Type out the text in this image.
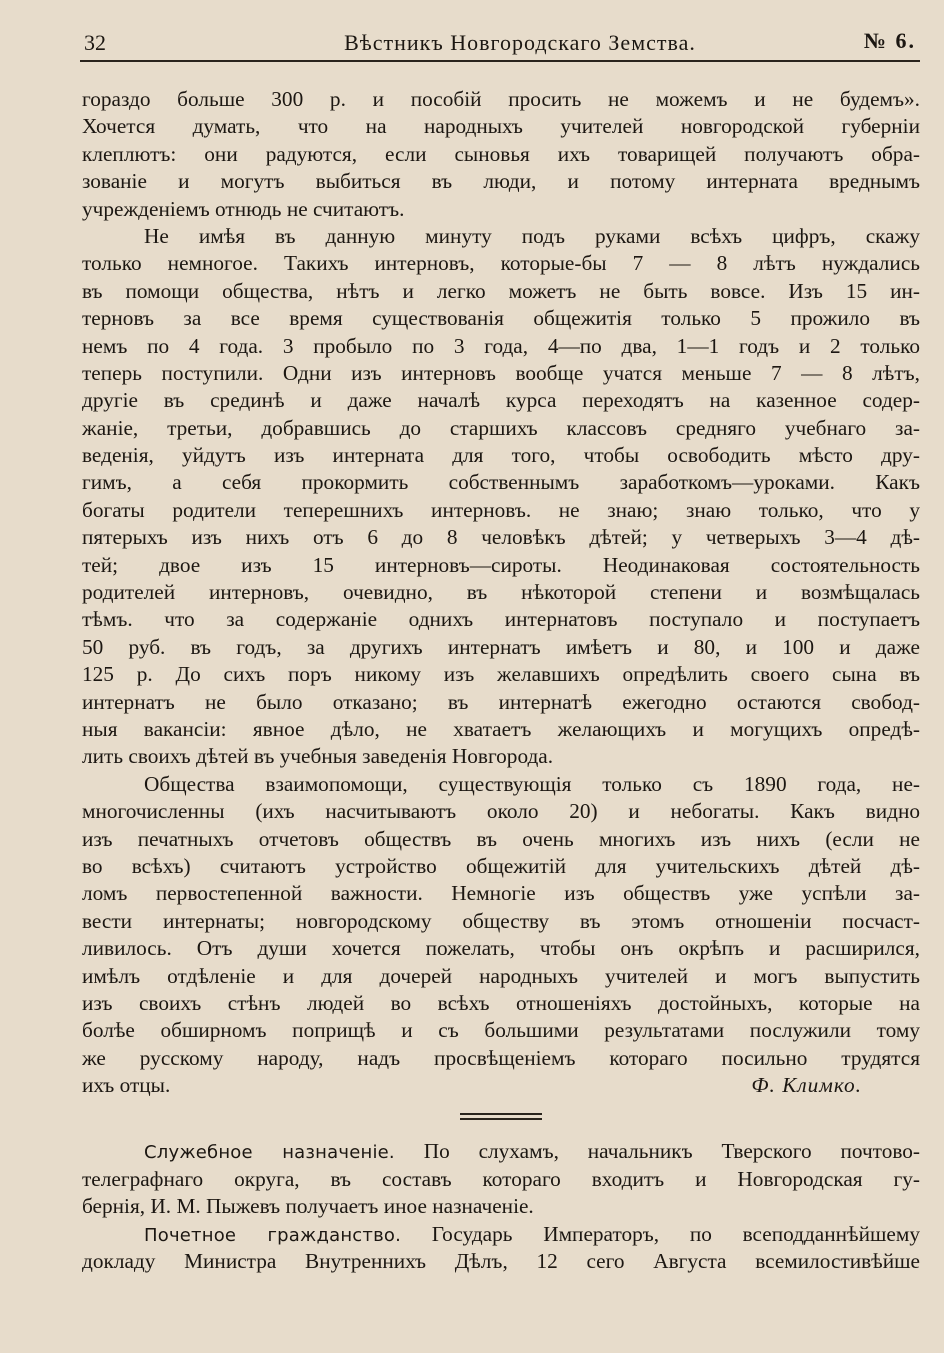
32	Вѣстникъ Новгородскаго Земства.	№ 6.
гораздо больше 300 р. и пособій просить не можемъ и не будемъ».
Хочется думать, что на народныхъ учителей новгородской губерніи
клеплютъ: они радуются, если сыновья ихъ товарищей получаютъ обра-
зованіе и могутъ выбиться въ люди, и потому интерната вреднымъ
учрежденіемъ отнюдь не считаютъ.
Не имѣя въ данную минуту подъ руками всѣхъ цифръ, скажу
только немногое. Такихъ интерновъ, которые-бы 7 — 8 лѣтъ нуждались
въ помощи общества, нѣтъ и легко можетъ не быть вовсе. Изъ 15 ин-
терновъ за все время существованія общежитія только 5 прожило въ
немъ по 4 года. 3 пробыло по 3 года, 4—по два, 1—1 годъ и 2 только
теперь поступили. Одни изъ интерновъ вообще учатся меньше 7 — 8 лѣтъ,
другіе въ срединѣ и даже началѣ курса переходятъ на казенное содер-
жаніе, третьи, добравшись до старшихъ классовъ средняго учебнаго за-
веденія, уйдутъ изъ интерната для того, чтобы освободить мѣсто дру-
гимъ, а себя прокормить собственнымъ заработкомъ—уроками. Какъ
богаты родители теперешнихъ интерновъ. не знаю; знаю только, что у
пятерыхъ изъ нихъ отъ 6 до 8 человѣкъ дѣтей; у четверыхъ 3—4 дѣ-
тей; двое изъ 15 интерновъ—сироты. Неодинаковая состоятельность
родителей интерновъ, очевидно, въ нѣкоторой степени и возмѣщалась
тѣмъ. что за содержаніе однихъ интернатовъ поступало и поступаетъ
50 руб. въ годъ, за другихъ интернатъ имѣетъ и 80, и 100 и даже
125 р. До сихъ поръ никому изъ желавшихъ опредѣлить своего сына въ
интернатъ не было отказано; въ интернатѣ ежегодно остаются свобод-
ныя вакансіи: явное дѣло, не хватаетъ желающихъ и могущихъ опредѣ-
лить своихъ дѣтей въ учебныя заведенія Новгорода.
Общества взаимопомощи, существующія только съ 1890 года, не-
многочисленны (ихъ насчитываютъ около 20) и небогаты. Какъ видно
изъ печатныхъ отчетовъ обществъ въ очень многихъ изъ нихъ (если не
во всѣхъ) считаютъ устройство общежитій для учительскихъ дѣтей дѣ-
ломъ первостепенной важности. Немногіе изъ обществъ уже успѣли за-
вести интернаты; новгородскому обществу въ этомъ отношеніи посчаст-
ливилось. Отъ души хочется пожелать, чтобы онъ окрѣпъ и расширился,
имѣлъ отдѣленіе и для дочерей народныхъ учителей и могъ выпустить
изъ своихъ стѣнъ людей во всѣхъ отношеніяхъ достойныхъ, которые на
болѣе обширномъ поприщѣ и съ большими результатами послужили тому
же русскому народу, надъ просвѣщеніемъ котораго посильно трудятся
ихъ отцы.	Ф. Климко.
Служебное назначеніе. По слухамъ, начальникъ Тверского почтово-
телеграфнаго округа, въ составъ котораго входитъ и Новгородская гу-
бернія, И. М. Пыжевъ получаетъ иное назначеніе.
Почетное гражданство. Государь Императоръ, по всеподданнѣйшему
докладу Министра Внутреннихъ Дѣлъ, 12 сего Августа всемилостивѣйше
